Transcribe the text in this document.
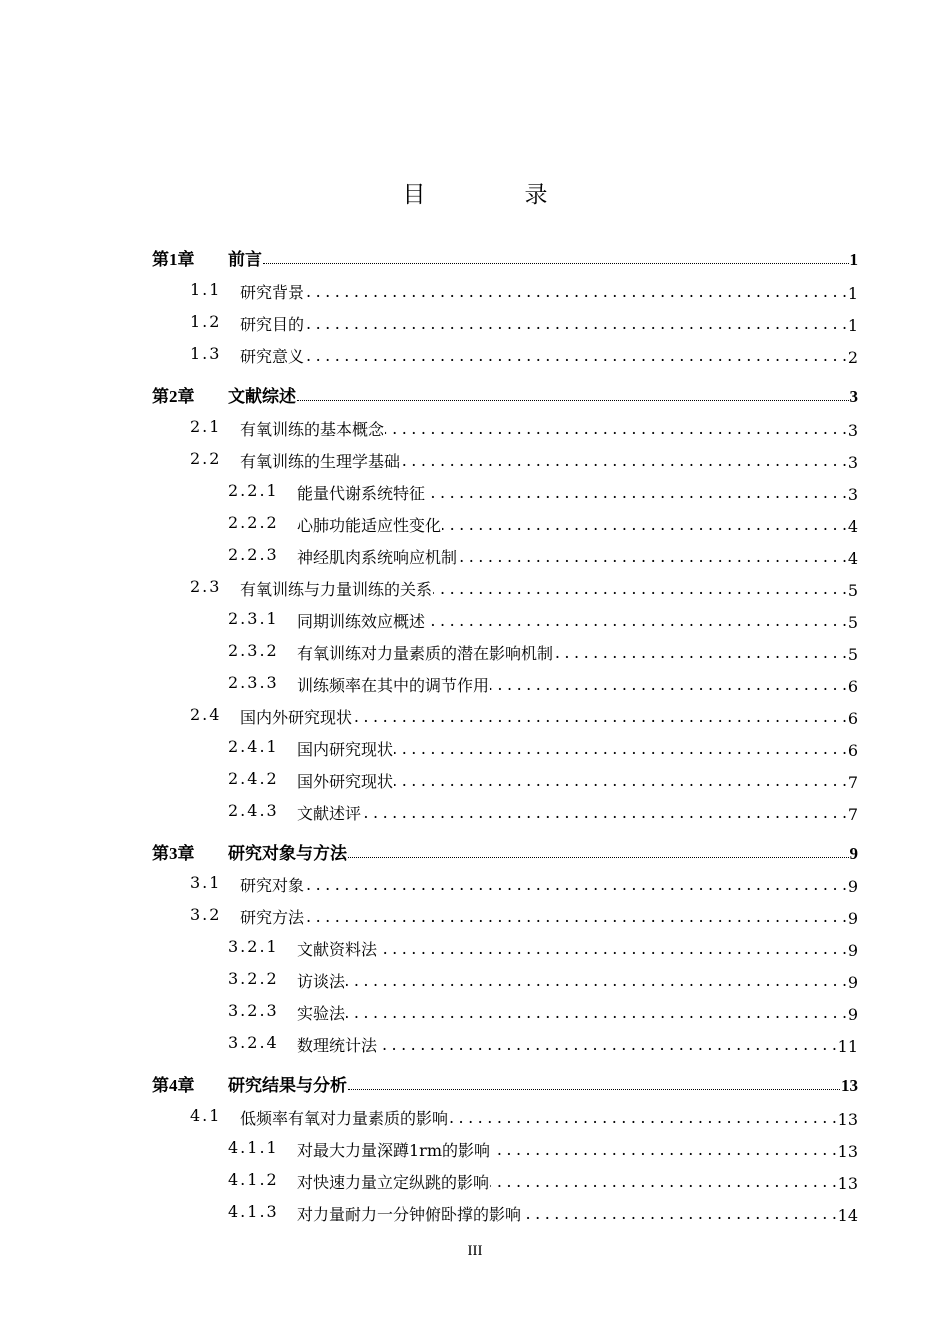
目　录
第1章	前言	1
1.1	研究背景 . . .	1
1.2	研究目的 . . .	1
1.3	研究意义 . . .	2
第2章	文献综述	3
2.1	有氧训练的基本概念 . . .	3
2.2	有氧训练的生理学基础 . . .	3
2.2.1	能量代谢系统特征 . . .	3
2.2.2	心肺功能适应性变化 . . .	4
2.2.3	神经肌肉系统响应机制 . . .	4
2.3	有氧训练与力量训练的关系 . . .	5
2.3.1	同期训练效应概述 . . .	5
2.3.2	有氧训练对力量素质的潜在影响机制 . . .	5
2.3.3	训练频率在其中的调节作用 . . .	6
2.4	国内外研究现状 . . .	6
2.4.1	国内研究现状 . . .	6
2.4.2	国外研究现状 . . .	7
2.4.3	文献述评 . . .	7
第3章	研究对象与方法	9
3.1	研究对象 . . .	9
3.2	研究方法 . . .	9
3.2.1	文献资料法 . . .	9
3.2.2	访谈法 . . .	9
3.2.3	实验法 . . .	9
3.2.4	数理统计法 . . .	11
第4章	研究结果与分析	13
4.1	低频率有氧对力量素质的影响 . . .	13
4.1.1	对最大力量深蹲1rm的影响 . . .	13
4.1.2	对快速力量立定纵跳的影响 . . .	13
4.1.3	对力量耐力一分钟俯卧撑的影响 . . .	14
III
